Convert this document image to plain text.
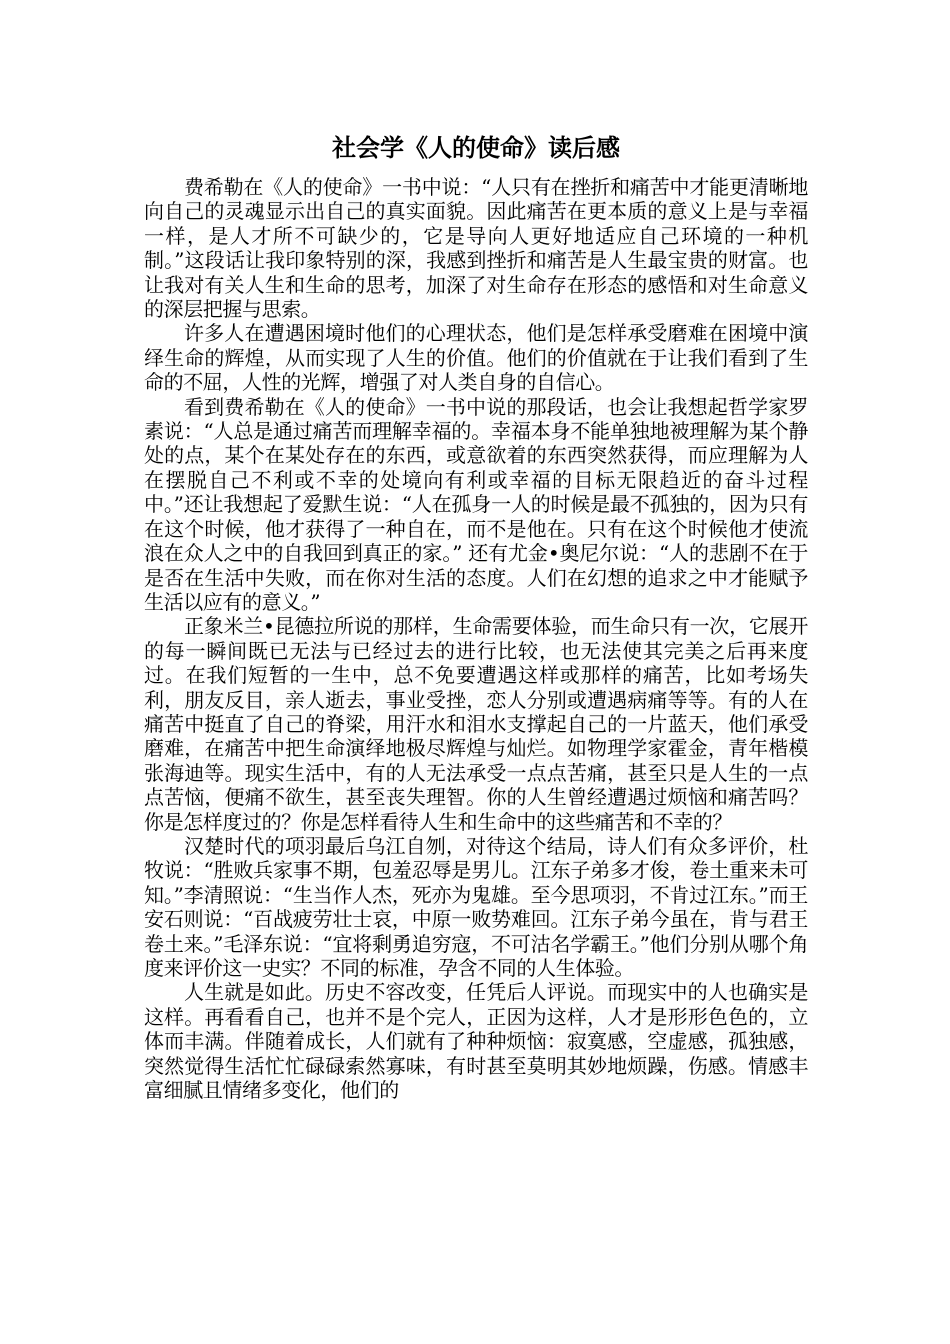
社会学《人的使命》读后感

费希勒在《人的使命》一书中说：“人只有在挫折和痛苦中才能更清晰地向自己的灵魂显示出自己的真实面貌。因此痛苦在更本质的意义上是与幸福一样，是人才所不可缺少的，它是导向人更好地适应自己环境的一种机制。”这段话让我印象特别的深，我感到挫折和痛苦是人生最宝贵的财富。也让我对有关人生和生命的思考，加深了对生命存在形态的感悟和对生命意义的深层把握与思索。

许多人在遭遇困境时他们的心理状态，他们是怎样承受磨难在困境中演绎生命的辉煌，从而实现了人生的价值。他们的价值就在于让我们看到了生命的不屈，人性的光辉，增强了对人类自身的自信心。

看到费希勒在《人的使命》一书中说的那段话，也会让我想起哲学家罗素说：“人总是通过痛苦而理解幸福的。幸福本身不能单独地被理解为某个静处的点，某个在某处存在的东西，或意欲着的东西突然获得，而应理解为人在摆脱自己不利或不幸的处境向有利或幸福的目标无限趋近的奋斗过程中。”还让我想起了爱默生说：“人在孤身一人的时候是最不孤独的，因为只有在这个时候，他才获得了一种自在，而不是他在。只有在这个时候他才使流浪在众人之中的自我回到真正的家。” 还有尤金•奥尼尔说：“人的悲剧不在于是否在生活中失败，而在你对生活的态度。人们在幻想的追求之中才能赋予生活以应有的意义。”

正象米兰•昆德拉所说的那样，生命需要体验，而生命只有一次，它展开的每一瞬间既已无法与已经过去的进行比较，也无法使其完美之后再来度过。在我们短暂的一生中，总不免要遭遇这样或那样的痛苦，比如考场失利，朋友反目，亲人逝去，事业受挫，恋人分别或遭遇病痛等等。有的人在痛苦中挺直了自己的脊梁，用汗水和泪水支撑起自己的一片蓝天，他们承受磨难，在痛苦中把生命演绎地极尽辉煌与灿烂。如物理学家霍金，青年楷模张海迪等。现实生活中，有的人无法承受一点点苦痛，甚至只是人生的一点点苦恼，便痛不欲生，甚至丧失理智。你的人生曾经遭遇过烦恼和痛苦吗？你是怎样度过的？你是怎样看待人生和生命中的这些痛苦和不幸的？

汉楚时代的项羽最后乌江自刎，对待这个结局，诗人们有众多评价，杜牧说：“胜败兵家事不期，包羞忍辱是男儿。江东子弟多才俊，卷土重来未可知。”李清照说：“生当作人杰，死亦为鬼雄。至今思项羽，不肯过江东。”而王安石则说：“百战疲劳壮士哀，中原一败势难回。江东子弟今虽在，肯与君王卷土来。”毛泽东说：“宜将剩勇追穷寇，不可沽名学霸王。”他们分别从哪个角度来评价这一史实？不同的标准，孕含不同的人生体验。

人生就是如此。历史不容改变，任凭后人评说。而现实中的人也确实是这样。再看看自己，也并不是个完人，正因为这样，人才是形形色色的，立体而丰满。伴随着成长，人们就有了种种烦恼：寂寞感，空虚感，孤独感，突然觉得生活忙忙碌碌索然寡味，有时甚至莫明其妙地烦躁，伤感。情感丰富细腻且情绪多变化，他们的
